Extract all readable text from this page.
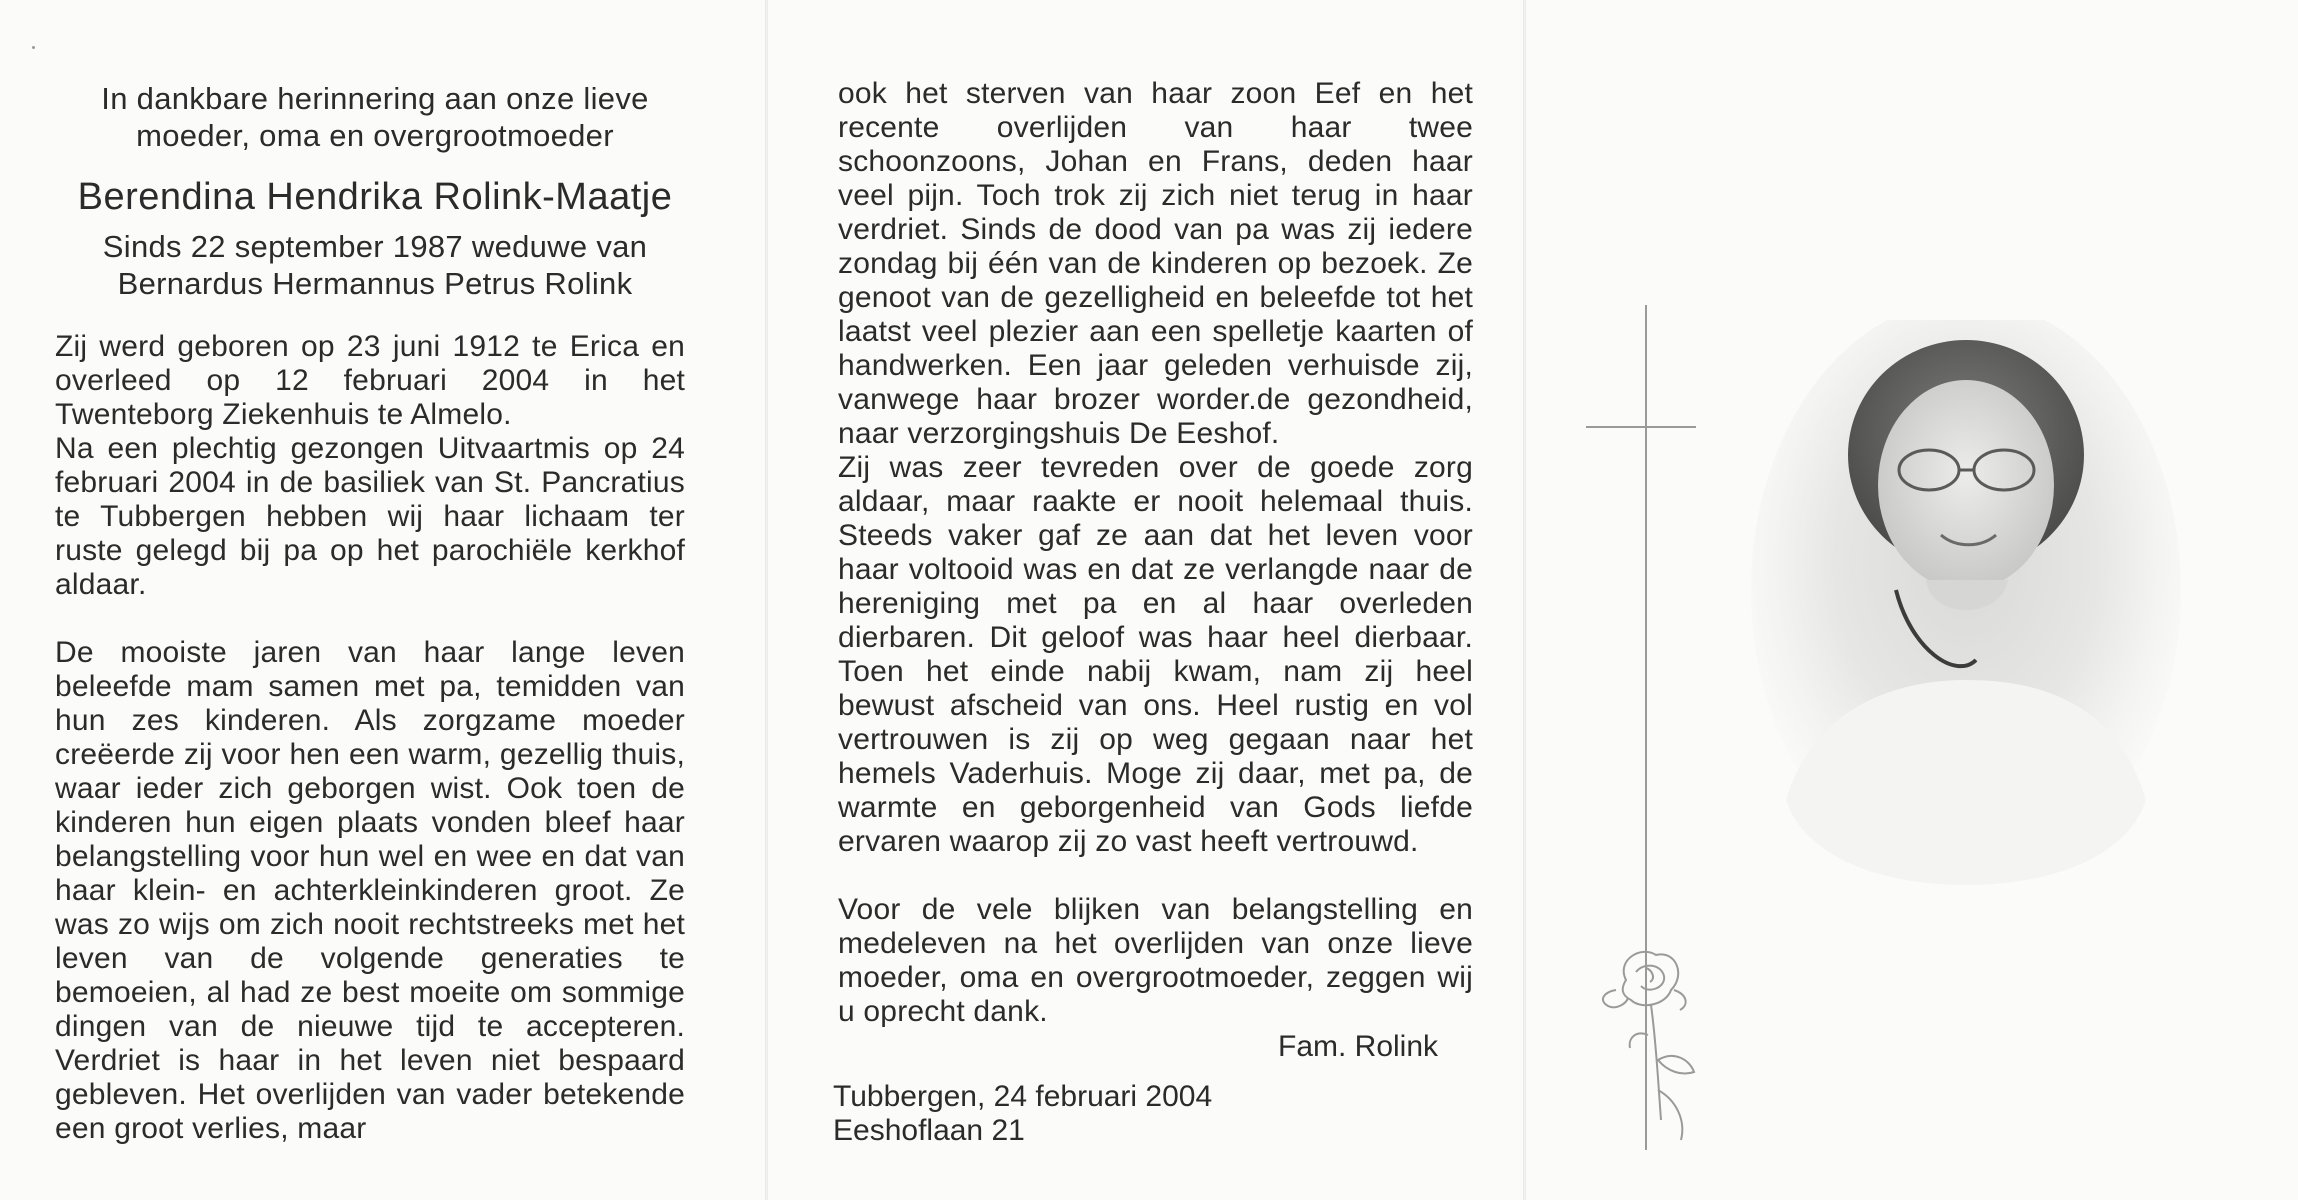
In dankbare herinnering aan onze lieve
moeder, oma en overgrootmoeder
Berendina Hendrika Rolink-Maatje
Sinds 22 september 1987 weduwe van
Bernardus Hermannus Petrus Rolink
Zij werd geboren op 23 juni 1912 te Erica en overleed op 12 februari 2004 in het Twenteborg Ziekenhuis te Almelo.
Na een plechtig gezongen Uitvaartmis op 24 februari 2004 in de basiliek van St. Pancratius te Tubbergen hebben wij haar lichaam ter ruste gelegd bij pa op het parochiële kerkhof aldaar.
De mooiste jaren van haar lange leven beleefde mam samen met pa, temidden van hun zes kinderen. Als zorgzame moeder creëerde zij voor hen een warm, gezellig thuis, waar ieder zich geborgen wist. Ook toen de kinderen hun eigen plaats vonden bleef haar belangstelling voor hun wel en wee en dat van haar klein- en achterkleinkinderen groot. Ze was zo wijs om zich nooit rechtstreeks met het leven van de volgende generaties te bemoeien, al had ze best moeite om sommige dingen van de nieuwe tijd te accepteren. Verdriet is haar in het leven niet bespaard gebleven. Het overlijden van vader betekende een groot verlies, maar
ook het sterven van haar zoon Eef en het recente overlijden van haar twee schoonzoons, Johan en Frans, deden haar veel pijn. Toch trok zij zich niet terug in haar verdriet. Sinds de dood van pa was zij iedere zondag bij één van de kinderen op bezoek. Ze genoot van de gezelligheid en beleefde tot het laatst veel plezier aan een spelletje kaarten of handwerken. Een jaar geleden verhuisde zij, vanwege haar brozer worder.de gezondheid, naar verzorgingshuis De Eeshof.
Zij was zeer tevreden over de goede zorg aldaar, maar raakte er nooit helemaal thuis. Steeds vaker gaf ze aan dat het leven voor haar voltooid was en dat ze verlangde naar de hereniging met pa en al haar overleden dierbaren. Dit geloof was haar heel dierbaar. Toen het einde nabij kwam, nam zij heel bewust afscheid van ons. Heel rustig en vol vertrouwen is zij op weg gegaan naar het hemels Vaderhuis. Moge zij daar, met pa, de warmte en geborgenheid van Gods liefde ervaren waarop zij zo vast heeft vertrouwd.
Voor de vele blijken van belangstelling en medeleven na het overlijden van onze lieve moeder, oma en overgrootmoeder, zeggen wij u oprecht dank.
Fam. Rolink
Tubbergen, 24 februari 2004
Eeshoflaan 21
